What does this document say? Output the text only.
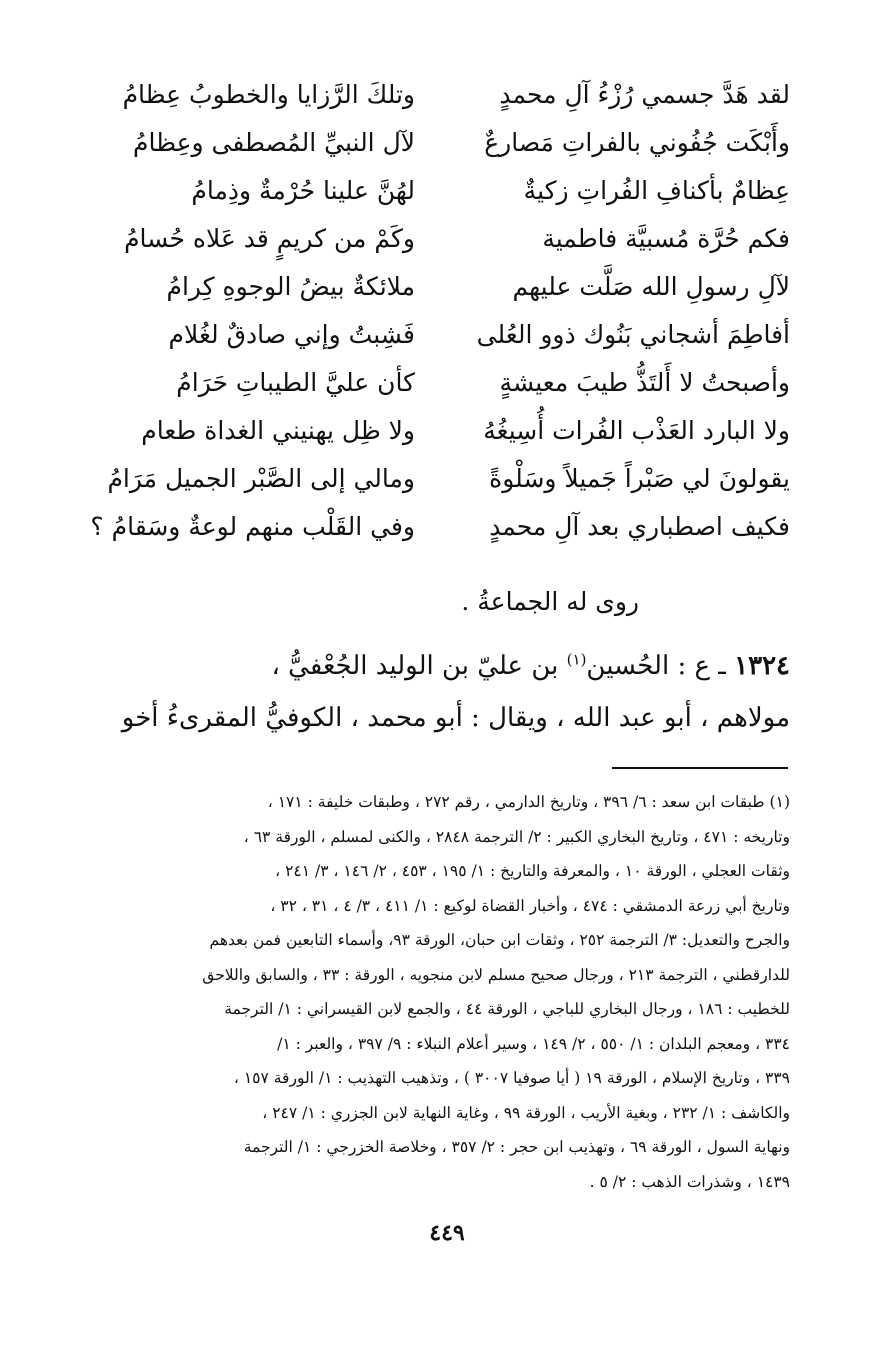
لقد هَدَّ جسمي رُزْءُ آلِ محمدٍ
وتلكَ الرَّزايا والخطوبُ عِظامُ
وأَبْكَت جُفُوني بالفراتِ مَصارعٌ
لآل النبيِّ المُصطفى وعِظامُ
عِظامٌ بأكنافِ الفُراتِ زكيةٌ
لهُنَّ علينا حُرْمةٌ وذِمامُ
فكم حُرَّة مُسبيَّة فاطمية
وكَمْ من كريمٍ قد عَلاه حُسامُ
لآلِ رسولِ الله صَلَّت عليهم
ملائكةٌ بيضُ الوجوهِ كِرامُ
أفاطِمَ أشجاني بَنُوك ذوو العُلى
فَشِبتُ وإني صادقٌ لغُلام
وأصبحتُ لا أَلتَذُّ طيبَ معيشةٍ
كأن عليَّ الطيباتِ حَرَامُ
ولا البارد العَذْب الفُرات أُسِيغُهُ
ولا ظِل يهنيني الغداة طعام
يقولونَ لي صَبْراً جَميلاً وسَلْوةً
ومالي إلى الصَّبْر الجميل مَرَامُ
فكيف اصطباري بعد آلِ محمدٍ
وفي القَلْب منهم لوعةٌ وسَقامُ ؟
روى له الجماعةُ .
١٣٢٤ ـ ع : الحُسين$^{(١)}$ بن عليّ بن الوليد الجُعْفيُّ ،
مولاهم ، أبو عبد الله ، ويقال : أبو محمد ، الكوفيُّ المقرىءُ أخو
(١) طبقات ابن سعد : ٦/ ٣٩٦ ، وتاريخ الدارمي ، رقم ٢٧٢ ، وطبقات خليفة : ١٧١ ،
وتاريخه : ٤٧١ ، وتاريخ البخاري الكبير : ٢/ الترجمة ٢٨٤٨ ، والكنى لمسلم ، الورقة ٦٣ ،
وثقات العجلي ، الورقة ١٠ ، والمعرفة والتاريخ : ١/ ١٩٥ ، ٤٥٣ ، ٢/ ١٤٦ ، ٣/ ٢٤١ ،
وتاريخ أبي زرعة الدمشقي : ٤٧٤ ، وأخبار القضاة لوكيع : ١/ ٤١١ ، ٣/ ٤ ، ٣١ ، ٣٢ ،
والجرح والتعديل: ٣/ الترجمة ٢٥٢ ، وثقات ابن حبان، الورقة ٩٣، وأسماء التابعين فمن بعدهم
للدارقطني ، الترجمة ٢١٣ ، ورجال صحيح مسلم لابن منجويه ، الورقة : ٣٣ ، والسابق واللاحق
للخطيب : ١٨٦ ، ورجال البخاري للباجي ، الورقة ٤٤ ، والجمع لابن القيسراني : ١/ الترجمة
٣٣٤ ، ومعجم البلدان : ١/ ٥٥٠ ، ٢/ ١٤٩ ، وسير أعلام النبلاء : ٩/ ٣٩٧ ، والعبر : ١/
٣٣٩ ، وتاريخ الإسلام ، الورقة ١٩ ( أيا صوفيا ٣٠٠٧ ) ، وتذهيب التهذيب : ١/ الورقة ١٥٧ ،
والكاشف : ١/ ٢٣٢ ، وبغية الأريب ، الورقة ٩٩ ، وغاية النهاية لابن الجزري : ١/ ٢٤٧ ،
ونهاية السول ، الورقة ٦٩ ، وتهذيب ابن حجر : ٢/ ٣٥٧ ، وخلاصة الخزرجي : ١/ الترجمة
١٤٣٩ ، وشذرات الذهب : ٢/ ٥ .
٤٤٩
